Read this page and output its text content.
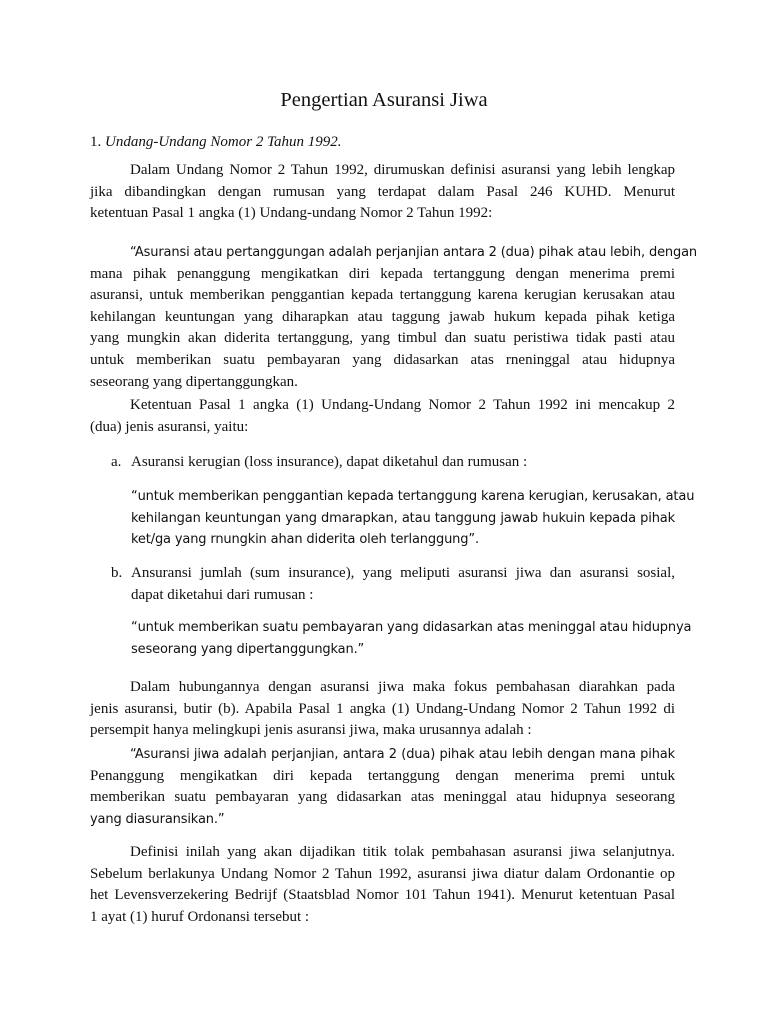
Pengertian Asuransi Jiwa
1. Undang-Undang Nomor 2 Tahun 1992.
Dalam Undang Nomor 2 Tahun 1992, dirumuskan definisi asuransi yang lebih lengkap
jika dibandingkan dengan rumusan yang terdapat dalam Pasal 246 KUHD. Menurut
ketentuan Pasal 1 angka (1) Undang-undang Nomor 2 Tahun 1992:
“Asuransi atau pertanggungan adalah perjanjian antara 2 (dua) pihak atau lebih, dengan
mana pihak penanggung mengikatkan diri kepada tertanggung dengan menerima premi
asuransi, untuk memberikan penggantian kepada tertanggung karena kerugian kerusakan atau
kehilangan keuntungan yang diharapkan atau taggung jawab hukum kepada pihak ketiga
yang mungkin akan diderita tertanggung, yang timbul dan suatu peristiwa tidak pasti atau
untuk memberikan suatu pembayaran yang didasarkan atas rneninggal atau hidupnya
seseorang yang dipertanggungkan.
Ketentuan Pasal 1 angka (1) Undang-Undang Nomor 2 Tahun 1992 ini mencakup 2
(dua) jenis asuransi, yaitu:
a. Asuransi kerugian (loss insurance), dapat diketahul dan rumusan :
“untuk memberikan penggantian kepada tertanggung karena kerugian, kerusakan, atau
kehilangan keuntungan yang dmarapkan, atau tanggung jawab hukuin kepada pihak
ket/ga yang rnungkin ahan diderita oleh terlanggung”.
b. Ansuransi jumlah (sum insurance), yang meliputi asuransi jiwa dan asuransi sosial,
dapat diketahui dari rumusan :
“untuk memberikan suatu pembayaran yang didasarkan atas meninggal atau hidupnya
seseorang yang dipertanggungkan.”
Dalam hubungannya dengan asuransi jiwa maka fokus pembahasan diarahkan pada
jenis asuransi, butir (b). Apabila Pasal 1 angka (1) Undang-Undang Nomor 2 Tahun 1992 di
persempit hanya melingkupi jenis asuransi jiwa, maka urusannya adalah :
“Asuransi jiwa adalah perjanjian, antara 2 (dua) pihak atau lebih dengan mana pihak
Penanggung mengikatkan diri kepada tertanggung dengan menerima premi untuk
memberikan suatu pembayaran yang didasarkan atas meninggal atau hidupnya seseorang
yang diasuransikan.”
Definisi inilah yang akan dijadikan titik tolak pembahasan asuransi jiwa selanjutnya.
Sebelum berlakunya Undang Nomor 2 Tahun 1992, asuransi jiwa diatur dalam Ordonantie op
het Levensverzekering Bedrijf (Staatsblad Nomor 101 Tahun 1941). Menurut ketentuan Pasal
1 ayat (1) huruf Ordonansi tersebut :
